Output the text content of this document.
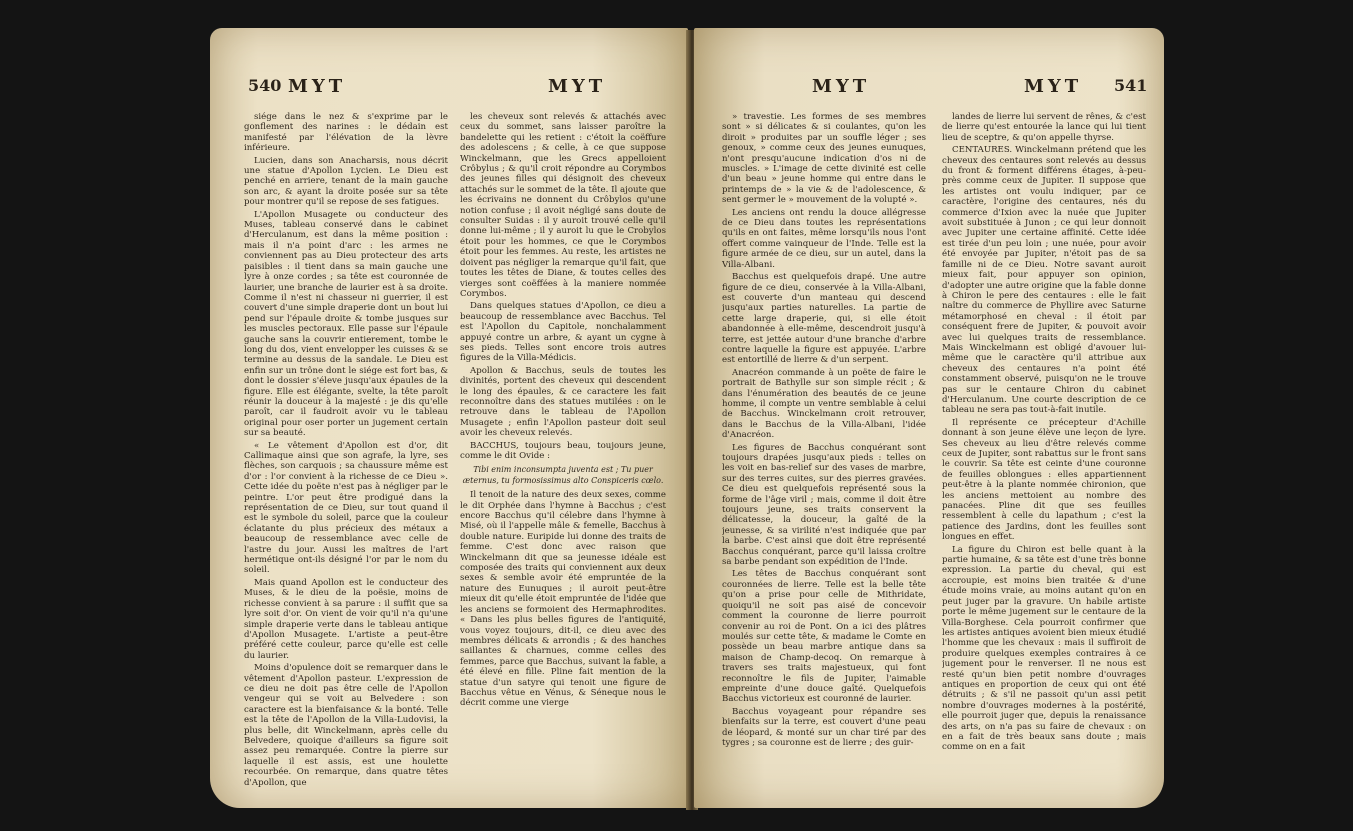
540 MYT	MYT

siége dans le nez & s'exprime par le gonflement des narines : le dédain est manifesté par l'élévation de la lèvre inférieure.

Lucien, dans son Anacharsis, nous décrit une statue d'Apollon Lycien. Le Dieu est penché en arriere, tenant de la main gauche son arc, & ayant la droite posée sur sa tête pour montrer qu'il se repose de ses fatigues.

L'Apollon Musagete ou conducteur des Muses, tableau conservé dans le cabinet d'Herculanum, est dans la même position : mais il n'a point d'arc : les armes ne conviennent pas au Dieu protecteur des arts paisibles : il tient dans sa main gauche une lyre à onze cordes ; sa tête est couronnée de laurier, une branche de laurier est à sa droite. Comme il n'est ni chasseur ni guerrier, il est couvert d'une simple draperie dont un bout lui pend sur l'épaule droite & tombe jusques sur les muscles pectoraux. Elle passe sur l'épaule gauche sans la couvrir entierement, tombe le long du dos, vient envelopper les cuisses & se termine au dessus de la sandale. Le Dieu est enfin sur un trône dont le siége est fort bas, & dont le dossier s'éleve jusqu'aux épaules de la figure. Elle est élégante, svelte, la tête paroît réunir la douceur à la majesté : je dis qu'elle paroît, car il faudroit avoir vu le tableau original pour oser porter un jugement certain sur sa beauté.

« Le vêtement d'Apollon est d'or, dit Callimaque ainsi que son agrafe, la lyre, ses flèches, son carquois ; sa chaussure même est d'or : l'or convient à la richesse de ce Dieu ». Cette idée du poëte n'est pas à négliger par le peintre. L'or peut être prodigué dans la représentation de ce Dieu, sur tout quand il est le symbole du soleil, parce que la couleur éclatante du plus précieux des métaux a beaucoup de ressemblance avec celle de l'astre du jour. Aussi les maîtres de l'art hermétique ont-ils désigné l'or par le nom du soleil.

Mais quand Apollon est le conducteur des Muses, & le dieu de la poësie, moins de richesse convient à sa parure : il suffit que sa lyre soit d'or. On vient de voir qu'il n'a qu'une simple draperie verte dans le tableau antique d'Apollon Musagete. L'artiste a peut-être préféré cette couleur, parce qu'elle est celle du laurier.

Moins d'opulence doit se remarquer dans le vêtement d'Apollon pasteur. L'expression de ce dieu ne doit pas être celle de l'Apollon vengeur qui se voit au Belvedere : son caractere est la bienfaisance & la bonté. Telle est la tête de l'Apollon de la Villa-Ludovisi, la plus belle, dit Winckelmann, après celle du Belvedere, quoique d'ailleurs sa figure soit assez peu remarquée. Contre la pierre sur laquelle il est assis, est une houlette recourbée. On remarque, dans quatre têtes d'Apollon, que

les cheveux sont relevés & attachés avec ceux du sommet, sans laisser paroître la bandelette qui les retient : c'étoit la coëffure des adolescens ; & celle, à ce que suppose Winckelmann, que les Grecs appelloient Crôbylus ; & qu'il croit répondre au Corymbos des jeunes filles qui désignoit des cheveux attachés sur le sommet de la tête. Il ajoute que les écrivains ne donnent du Crôbylos qu'une notion confuse ; il avoit négligé sans doute de consulter Suidas : il y auroit trouvé celle qu'il donne lui-même ; il y auroit lu que le Crobylos étoit pour les hommes, ce que le Corymbos étoit pour les femmes. Au reste, les artistes ne doivent pas négliger la remarque qu'il fait, que toutes les têtes de Diane, & toutes celles des vierges sont coëffées à la maniere nommée Corymbos.

Dans quelques statues d'Apollon, ce dieu a beaucoup de ressemblance avec Bacchus. Tel est l'Apollon du Capitole, nonchalamment appuyé contre un arbre, & ayant un cygne à ses pieds. Telles sont encore trois autres figures de la Villa-Médicis.

Apollon & Bacchus, seuls de toutes les divinités, portent des cheveux qui descendent le long des épaules, & ce caractere les fait reconnoître dans des statues mutilées : on le retrouve dans le tableau de l'Apollon Musagete ; enfin l'Apollon pasteur doit seul avoir les cheveux relevés.

BACCHUS, toujours beau, toujours jeune, comme le dit Ovide :

Tibi enim inconsumpta juventa est ; Tu puer æternus, tu formosissimus alto Conspiceris cœlo.

Il tenoit de la nature des deux sexes, comme le dit Orphée dans l'hymne à Bacchus ; c'est encore Bacchus qu'il célebre dans l'hymne à Misé, où il l'appelle mâle & femelle, Bacchus à double nature. Euripide lui donne des traits de femme. C'est donc avec raison que Winckelmann dit que sa jeunesse idéale est composée des traits qui conviennent aux deux sexes & semble avoir été empruntée de la nature des Eunuques ; il auroit peut-être mieux dit qu'elle étoit empruntée de l'idée que les anciens se formoient des Hermaphrodites. « Dans les plus belles figures de l'antiquité, vous voyez toujours, dit-il, ce dieu avec des membres délicats & arrondis ; & des hanches saillantes & charnues, comme celles des femmes, parce que Bacchus, suivant la fable, a été élevé en fille. Pline fait mention de la statue d'un satyre qui tenoit une figure de Bacchus vêtue en Vénus, & Séneque nous le décrit comme une vierge

MYT	MYT 541

» travestie. Les formes de ses membres sont » si délicates & si coulantes, qu'on les diroit » produites par un souffle léger ; ses genoux, » comme ceux des jeunes eunuques, n'ont presqu'aucune indication d'os ni de muscles. » L'image de cette divinité est celle d'un beau » jeune homme qui entre dans le printemps de » la vie & de l'adolescence, & sent germer le » mouvement de la volupté ».

Les anciens ont rendu la douce allégresse de ce Dieu dans toutes les représentations qu'ils en ont faites, même lorsqu'ils nous l'ont offert comme vainqueur de l'Inde. Telle est la figure armée de ce dieu, sur un autel, dans la Villa-Albani.

Bacchus est quelquefois drapé. Une autre figure de ce dieu, conservée à la Villa-Albani, est couverte d'un manteau qui descend jusqu'aux parties naturelles. La partie de cette large draperie, qui, si elle étoit abandonnée à elle-même, descendroit jusqu'à terre, est jettée autour d'une branche d'arbre contre laquelle la figure est appuyée. L'arbre est entortillé de lierre & d'un serpent.

Anacréon commande à un poëte de faire le portrait de Bathylle sur son simple récit ; & dans l'énumération des beautés de ce jeune homme, il compte un ventre semblable à celui de Bacchus. Winckelmann croit retrouver, dans le Bacchus de la Villa-Albani, l'idée d'Anacréon.

Les figures de Bacchus conquérant sont toujours drapées jusqu'aux pieds : telles on les voit en bas-relief sur des vases de marbre, sur des terres cuites, sur des pierres gravées. Ce dieu est quelquefois représenté sous la forme de l'âge viril ; mais, comme il doit être toujours jeune, ses traits conservent la délicatesse, la douceur, la gaîté de la jeunesse, & sa virilité n'est indiquée que par la barbe. C'est ainsi que doit être représenté Bacchus conquérant, parce qu'il laissa croître sa barbe pendant son expédition de l'Inde.

Les têtes de Bacchus conquérant sont couronnées de lierre. Telle est la belle tête qu'on a prise pour celle de Mithridate, quoiqu'il ne soit pas aisé de concevoir comment la couronne de lierre pourroit convenir au roi de Pont. On a ici des plâtres moulés sur cette tête, & madame le Comte en possède un beau marbre antique dans sa maison de Champ-decoq. On remarque à travers ses traits majestueux, qui font reconnoître le fils de Jupiter, l'aimable empreinte d'une douce gaîté. Quelquefois Bacchus victorieux est couronné de laurier.

Bacchus voyageant pour répandre ses bienfaits sur la terre, est couvert d'une peau de léopard, & monté sur un char tiré par des tygres ; sa couronne est de lierre ; des guir-

landes de lierre lui servent de rênes, & c'est de lierre qu'est entourée la lance qui lui tient lieu de sceptre, & qu'on appelle thyrse.

CENTAURES. Winckelmann prétend que les cheveux des centaures sont relevés au dessus du front & forment différens étages, à-peu-près comme ceux de Jupiter. Il suppose que les artistes ont voulu indiquer, par ce caractère, l'origine des centaures, nés du commerce d'Ixion avec la nuée que Jupiter avoit substituée à Junon ; ce qui leur donnoit avec Jupiter une certaine affinité. Cette idée est tirée d'un peu loin ; une nuée, pour avoir été envoyée par Jupiter, n'étoit pas de sa famille ni de ce Dieu. Notre savant auroit mieux fait, pour appuyer son opinion, d'adopter une autre origine que la fable donne à Chiron le pere des centaures : elle le fait naître du commerce de Phyllire avec Saturne métamorphosé en cheval : il étoit par conséquent frere de Jupiter, & pouvoit avoir avec lui quelques traits de ressemblance. Mais Winckelmann est obligé d'avouer lui-même que le caractère qu'il attribue aux cheveux des centaures n'a point été constamment observé, puisqu'on ne le trouve pas sur le centaure Chiron du cabinet d'Herculanum. Une courte description de ce tableau ne sera pas tout-à-fait inutile.

Il représente ce précepteur d'Achille donnant à son jeune élève une leçon de lyre. Ses cheveux au lieu d'être relevés comme ceux de Jupiter, sont rabattus sur le front sans le couvrir. Sa tête est ceinte d'une couronne de feuilles oblongues : elles appartiennent peut-être à la plante nommée chironion, que les anciens mettoient au nombre des panacées. Pline dit que ses feuilles ressemblent à celle du lapathum ; c'est la patience des Jardins, dont les feuilles sont longues en effet.

La figure du Chiron est belle quant à la partie humaine, & sa tête est d'une très bonne expression. La partie du cheval, qui est accroupie, est moins bien traitée & d'une étude moins vraie, au moins autant qu'on en peut juger par la gravure. Un habile artiste porte le même jugement sur le centaure de la Villa-Borghese. Cela pourroit confirmer que les artistes antiques avoient bien mieux étudié l'homme que les chevaux : mais il suffiroit de produire quelques exemples contraires à ce jugement pour le renverser. Il ne nous est resté qu'un bien petit nombre d'ouvrages antiques en proportion de ceux qui ont été détruits ; & s'il ne passoit qu'un assi petit nombre d'ouvrages modernes à la postérité, elle pourroit juger que, depuis la renaissance des arts, on n'a pas su faire de chevaux : on en a fait de très beaux sans doute ; mais comme on en a fait
